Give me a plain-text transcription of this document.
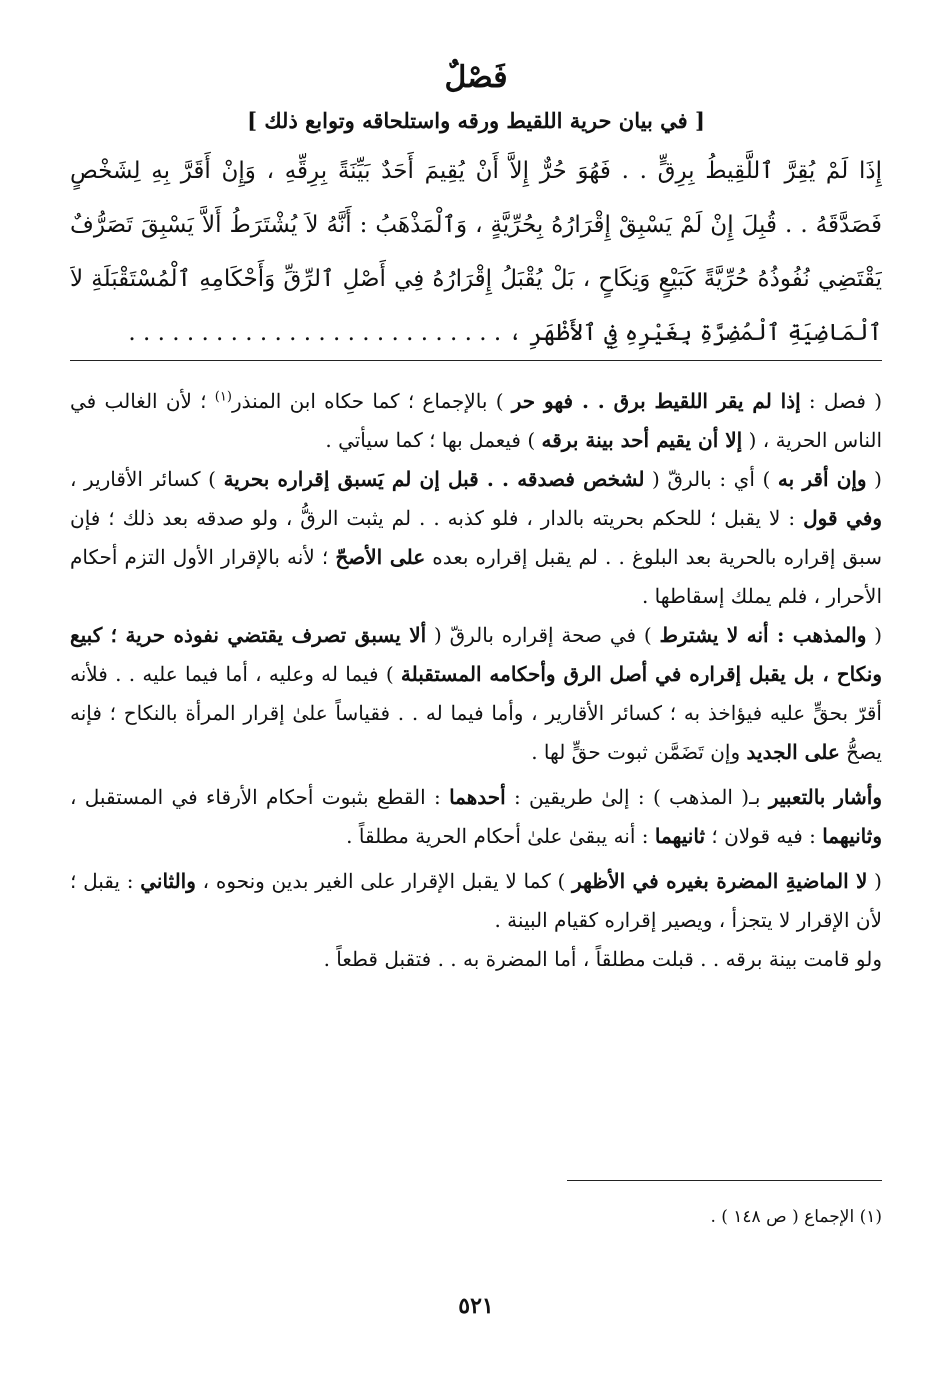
فَصْلٌ
[ في بيان حرية اللقيط ورقه واستلحاقه وتوابع ذلك ]
إِذَا لَمْ يُقِرَّ ٱللَّقِيطُ بِرِقٍّ . . فَهُوَ حُرٌّ إِلاَّ أَنْ يُقِيمَ أَحَدٌ بَيِّنَةً بِرِقِّهِ ، وَإِنْ أَقَرَّ بِهِ لِشَخْصٍ
فَصَدَّقَهُ . . قُبِلَ إِنْ لَمْ يَسْبِقْ إِقْرَارُهُ بِحُرِّيَّةٍ ، وَٱلْمَذْهَبُ : أَنَّهُ لاَ يُشْتَرَطُ أَلاَّ يَسْبِقَ تَصَرُّفٌ
يَقْتَضِي نُفُوذُهُ حُرِّيَّةً كَبَيْعٍ وَنِكَاحٍ ، بَلْ يُقْبَلُ إِقْرَارُهُ فِي أَصْلِ ٱلرِّقِّ وَأَحْكَامِهِ ٱلْمُسْتَقْبَلَةِ لاَ
ٱلْمَاضِيَةِ ٱلْمُضِرَّةِ بِغَيْرِهِ فِي ٱلأَظْهَرِ ، . . . . . . . . . . . . . . . . . . . . . . . . . .

( فصل : إذا لم يقر اللقيط برق . . فهو حر ) بالإجماع ؛ كما حكاه ابن المنذر$^{(١)}$ ؛ لأن الغالب في الناس الحرية ، ( إلا أن يقيم أحد بينة برقه ) فيعمل بها ؛ كما سيأتي .

( وإن أقر به ) أي : بالرقّ ( لشخص فصدقه . . قبل إن لم يَسبق إقراره بحرية ) كسائر الأقارير ، وفي قول : لا يقبل ؛ للحكم بحريته بالدار ، فلو كذبه . . لم يثبت الرقُّ ، ولو صدقه بعد ذلك ؛ فإن سبق إقراره بالحرية بعد البلوغ . . لم يقبل إقراره بعده على الأصحّ ؛ لأنه بالإقرار الأول التزم أحكام الأحرار ، فلم يملك إسقاطها .

( والمذهب : أنه لا يشترط ) في صحة إقراره بالرقّ ( ألا يسبق تصرف يقتضي نفوذه حرية ؛ كبيع ونكاح ، بل يقبل إقراره في أصل الرق وأحكامه المستقبلة ) فيما له وعليه ، أما فيما عليه . . فلأنه أقرّ بحقٍّ عليه فيؤاخذ به ؛ كسائر الأقارير ، وأما فيما له . . فقياساً علىٰ إقرار المرأة بالنكاح ؛ فإنه يصحُّ على الجديد وإن تَضَمَّن ثبوت حقٍّ لها .

وأشار بالتعبير بـ( المذهب ) : إلىٰ طريقين : أحدهما : القطع بثبوت أحكام الأرقاء في المستقبل ، وثانيهما : فيه قولان ؛ ثانيهما : أنه يبقىٰ علىٰ أحكام الحرية مطلقاً .

( لا الماضيةِ المضرة بغيره في الأظهر ) كما لا يقبل الإقرار على الغير بدين ونحوه ، والثاني : يقبل ؛ لأن الإقرار لا يتجزأ ، ويصير إقراره كقيام البينة .

ولو قامت بينة برقه . . قبلت مطلقاً ، أما المضرة به . . فتقبل قطعاً .

(١) الإجماع ( ص ١٤٨ ) .
٥٢١
